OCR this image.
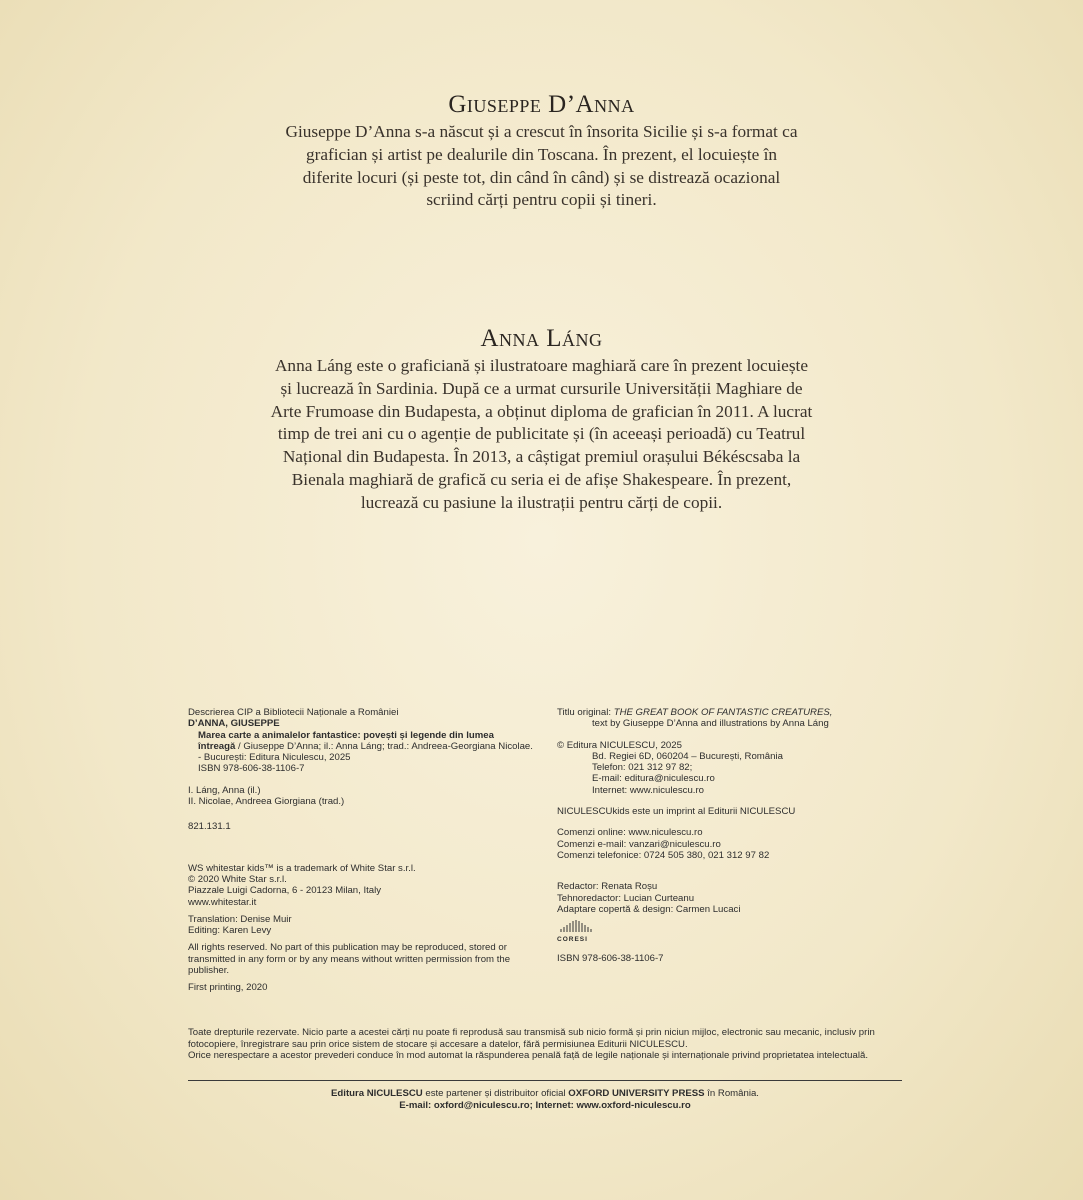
Giuseppe D’Anna
Giuseppe D’Anna s-a născut și a crescut în însorita Sicilie și s-a format ca grafician și artist pe dealurile din Toscana. În prezent, el locuiește în diferite locuri (și peste tot, din când în când) și se distrează ocazional scriind cărți pentru copii și tineri.
Anna Láng
Anna Láng este o graficiană și ilustratoare maghiară care în prezent locuiește și lucrează în Sardinia. După ce a urmat cursurile Universității Maghiare de Arte Frumoase din Budapesta, a obținut diploma de grafician în 2011. A lucrat timp de trei ani cu o agenție de publicitate și (în aceeași perioadă) cu Teatrul Național din Budapesta. În 2013, a câștigat premiul orașului Békéscsaba la Bienala maghiară de grafică cu seria ei de afișe Shakespeare. În prezent, lucrează cu pasiune la ilustrații pentru cărți de copii.

Descrierea CIP a Bibliotecii Naționale a României

D’ANNA, GIUSEPPE

Marea carte a animalelor fantastice: povești și legende din lumea întreagă / Giuseppe D’Anna; il.: Anna Láng; trad.: Andreea-Georgiana Nicolae. - București: Editura Niculescu, 2025

ISBN 978-606-38-1106-7

I. Láng, Anna (il.)

II. Nicolae, Andreea Giorgiana (trad.)

821.131.1

WS whitestar kids™ is a trademark of White Star s.r.l.

© 2020 White Star s.r.l.

Piazzale Luigi Cadorna, 6 - 20123 Milan, Italy

www.whitestar.it

Translation: Denise Muir

Editing: Karen Levy

All rights reserved. No part of this publication may be reproduced, stored or transmitted in any form or by any means without written permission from the publisher.

First printing, 2020

Titlu original: THE GREAT BOOK OF FANTASTIC CREATURES,

text by Giuseppe D’Anna and illustrations by Anna Láng

© Editura NICULESCU, 2025

Bd. Regiei 6D, 060204 – București, România

Telefon: 021 312 97 82;

E-mail: editura@niculescu.ro

Internet: www.niculescu.ro

NICULESCUkids este un imprint al Editurii NICULESCU

Comenzi online: www.niculescu.ro

Comenzi e-mail: vanzari@niculescu.ro

Comenzi telefonice: 0724 505 380, 021 312 97 82

Redactor: Renata Roșu

Tehnoredactor: Lucian Curteanu

Adaptare copertă & design: Carmen Lucaci

CORESI

ISBN 978-606-38-1106-7

Toate drepturile rezervate. Nicio parte a acestei cărți nu poate fi reprodusă sau transmisă sub nicio formă și prin niciun mijloc, electronic sau mecanic, inclusiv prin fotocopiere, înregistrare sau prin orice sistem de stocare și accesare a datelor, fără permisiunea Editurii NICULESCU.
Orice nerespectare a acestor prevederi conduce în mod automat la răspunderea penală față de legile naționale și internaționale privind proprietatea intelectuală.
Editura NICULESCU este partener și distribuitor oficial OXFORD UNIVERSITY PRESS în România.
E-mail: oxford@niculescu.ro; Internet: www.oxford-niculescu.ro
